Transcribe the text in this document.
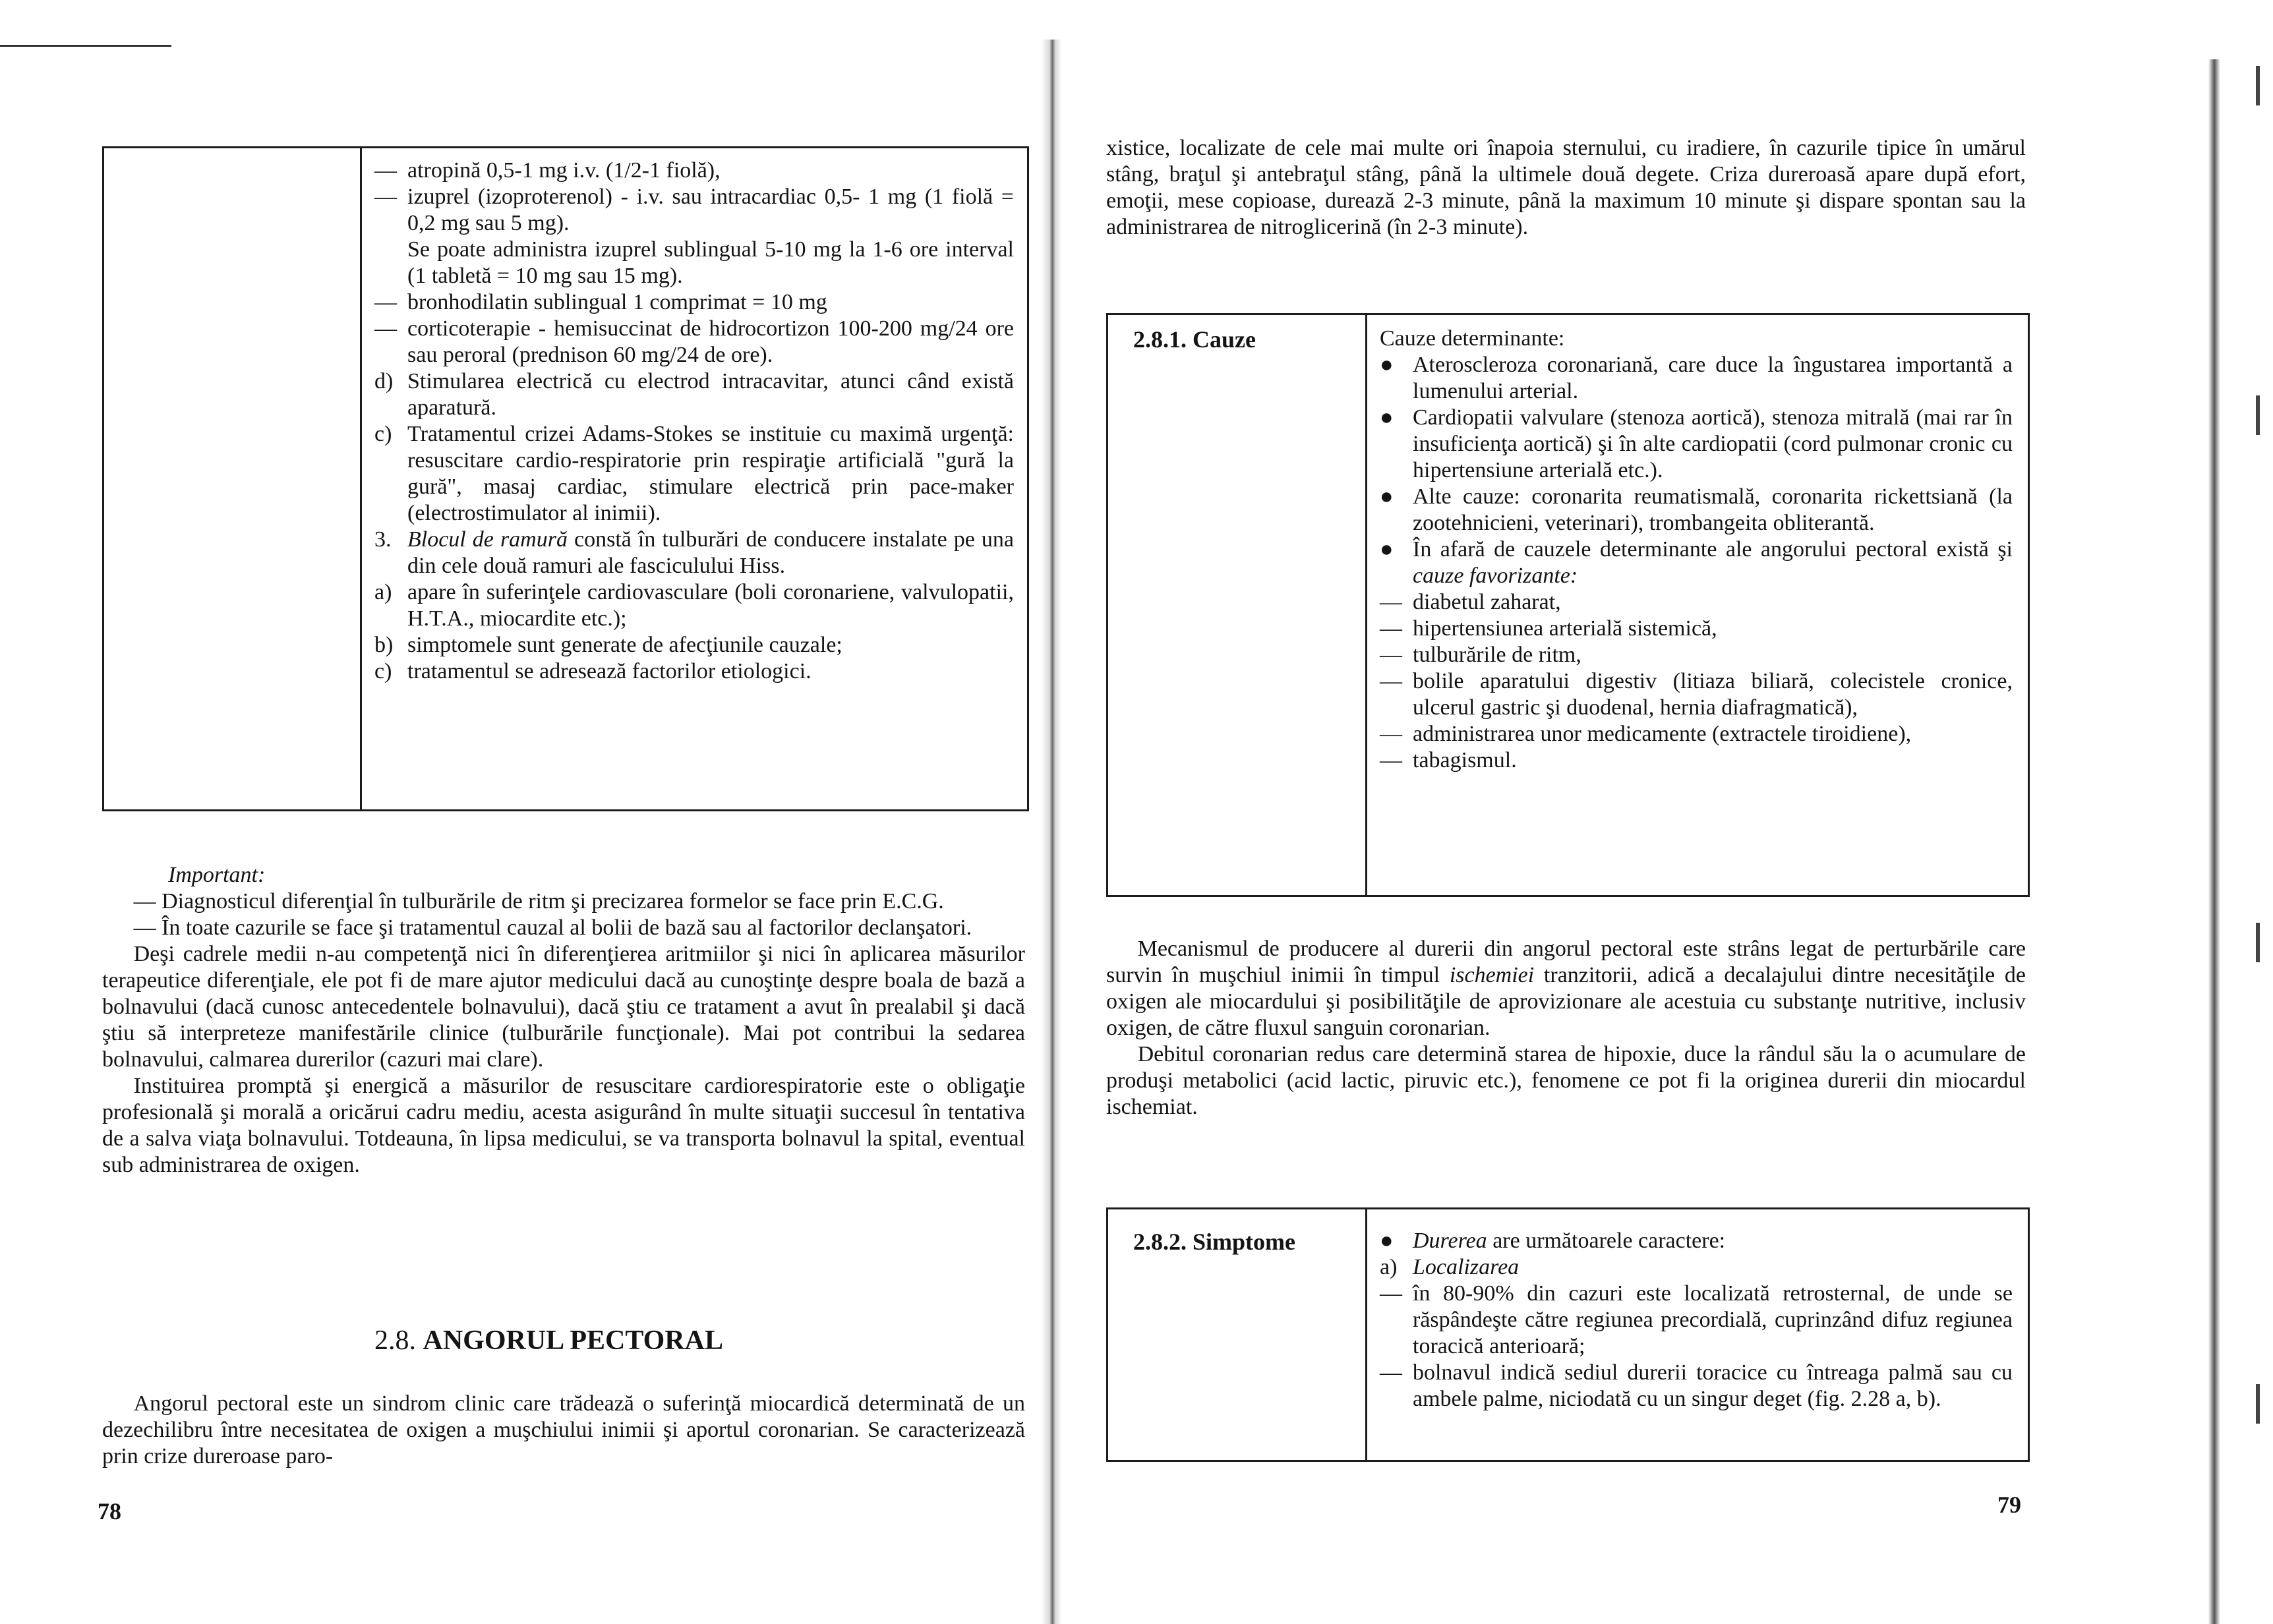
— atropină 0,5-1 mg i.v. (1/2-1 fiolă),
— izuprel (izoproterenol) - i.v. sau intracardiac 0,5- 1 mg (1 fiolă = 0,2 mg sau 5 mg).
Se poate administra izuprel sublingual 5-10 mg la 1-6 ore interval (1 tabletă = 10 mg sau 15 mg).
— bronhodilatin sublingual 1 comprimat = 10 mg
— corticoterapie - hemisuccinat de hidrocortizon 100-200 mg/24 ore sau peroral (prednison 60 mg/24 de ore).
d) Stimularea electrică cu electrod intracavitar, atunci când există aparatură.
c) Tratamentul crizei Adams-Stokes se instituie cu maximă urgenţă: resuscitare cardio-respiratorie prin respiraţie artificială "gură la gură", masaj cardiac, stimulare electrică prin pace-maker (electrostimulator al inimii).
3. Blocul de ramură constă în tulburări de conducere instalate pe una din cele două ramuri ale fasciculului Hiss.
a) apare în suferinţele cardiovasculare (boli coronariene, valvulopatii, H.T.A., miocardite etc.);
b) simptomele sunt generate de afecţiunile cauzale;
c) tratamentul se adresează factorilor etiologici.

Important:

— Diagnosticul diferenţial în tulburările de ritm şi precizarea formelor se face prin E.C.G.

— În toate cazurile se face şi tratamentul cauzal al bolii de bază sau al factorilor declanşatori.

Deşi cadrele medii n-au competenţă nici în diferenţierea aritmiilor şi nici în aplicarea măsurilor terapeutice diferenţiale, ele pot fi de mare ajutor medicului dacă au cunoştinţe despre boala de bază a bolnavului (dacă cunosc antecedentele bolnavului), dacă ştiu ce tratament a avut în prealabil şi dacă ştiu să interpreteze manifestările clinice (tulburările funcţionale). Mai pot contribui la sedarea bolnavului, calmarea durerilor (cazuri mai clare).

Instituirea promptă şi energică a măsurilor de resuscitare cardiorespiratorie este o obligaţie profesională şi morală a oricărui cadru mediu, acesta asigurând în multe situaţii succesul în tentativa de a salva viaţa bolnavului. Totdeauna, în lipsa medicului, se va transporta bolnavul la spital, eventual sub administrarea de oxigen.

2.8. ANGORUL PECTORAL

Angorul pectoral este un sindrom clinic care trădează o suferinţă miocardică determinată de un dezechilibru între necesitatea de oxigen a muşchiului inimii şi aportul coronarian. Se caracterizează prin crize dureroase paro-

78

xistice, localizate de cele mai multe ori înapoia sternului, cu iradiere, în cazurile tipice în umărul stâng, braţul şi antebraţul stâng, până la ultimele două degete. Criza dureroasă apare după efort, emoţii, mese copioase, durează 2-3 minute, până la maximum 10 minute şi dispare spontan sau la administrarea de nitroglicerină (în 2-3 minute).

2.8.1. Cauze	Cauze determinante:

● Ateroscleroza coronariană, care duce la îngustarea importantă a lumenului arterial.
● Cardiopatii valvulare (stenoza aortică), stenoza mitrală (mai rar în insuficienţa aortică) şi în alte cardiopatii (cord pulmonar cronic cu hipertensiune arterială etc.).
● Alte cauze: coronarita reumatismală, coronarita rickettsiană (la zootehnicieni, veterinari), trombangeita obliterantă.
● În afară de cauzele determinante ale angorului pectoral există şi cauze favorizante:
— diabetul zaharat,
— hipertensiunea arterială sistemică,
— tulburările de ritm,
— bolile aparatului digestiv (litiaza biliară, colecistele cronice, ulcerul gastric şi duodenal, hernia diafragmatică),
— administrarea unor medicamente (extractele tiroidiene),
— tabagismul.

Mecanismul de producere al durerii din angorul pectoral este strâns legat de perturbările care survin în muşchiul inimii în timpul ischemiei tranzitorii, adică a decalajului dintre necesităţile de oxigen ale miocardului şi posibilităţile de aprovizionare ale acestuia cu substanţe nutritive, inclusiv oxigen, de către fluxul sanguin coronarian.

Debitul coronarian redus care determină starea de hipoxie, duce la rândul său la o acumulare de produşi metabolici (acid lactic, piruvic etc.), fenomene ce pot fi la originea durerii din miocardul ischemiat.

2.8.2. Simptome	● Durerea are următoarele caractere:
a) Localizarea
— în 80-90% din cazuri este localizată retrosternal, de unde se răspândeşte către regiunea precordială, cuprinzând difuz regiunea toracică anterioară;
— bolnavul indică sediul durerii toracice cu întreaga palmă sau cu ambele palme, niciodată cu un singur deget (fig. 2.28 a, b).
79
